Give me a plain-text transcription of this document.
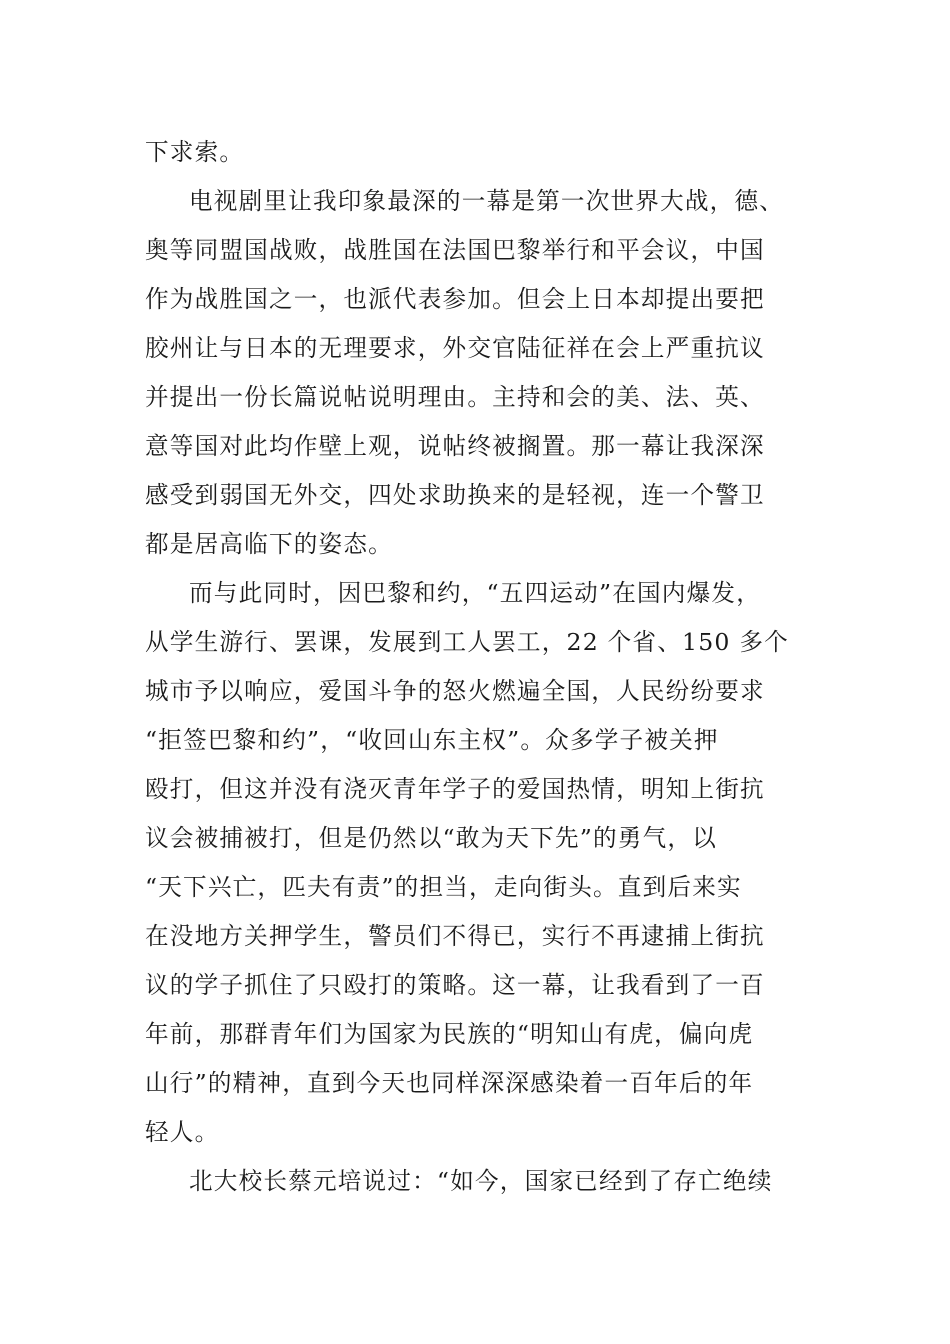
下求索。
电视剧里让我印象最深的一幕是第一次世界大战，德、
奥等同盟国战败，战胜国在法国巴黎举行和平会议，中国
作为战胜国之一，也派代表参加。但会上日本却提出要把
胶州让与日本的无理要求，外交官陆征祥在会上严重抗议
并提出一份长篇说帖说明理由。主持和会的美、法、英、
意等国对此均作壁上观，说帖终被搁置。那一幕让我深深
感受到弱国无外交，四处求助换来的是轻视，连一个警卫
都是居高临下的姿态。
而与此同时，因巴黎和约，“五四运动”在国内爆发，
从学生游行、罢课，发展到工人罢工，22 个省、150 多个
城市予以响应，爱国斗争的怒火燃遍全国，人民纷纷要求
“拒签巴黎和约”，“收回山东主权”。众多学子被关押
殴打，但这并没有浇灭青年学子的爱国热情，明知上街抗
议会被捕被打，但是仍然以“敢为天下先”的勇气，以
“天下兴亡，匹夫有责”的担当，走向街头。直到后来实
在没地方关押学生，警员们不得已，实行不再逮捕上街抗
议的学子抓住了只殴打的策略。这一幕，让我看到了一百
年前，那群青年们为国家为民族的“明知山有虎，偏向虎
山行”的精神，直到今天也同样深深感染着一百年后的年
轻人。
北大校长蔡元培说过：“如今，国家已经到了存亡绝续
